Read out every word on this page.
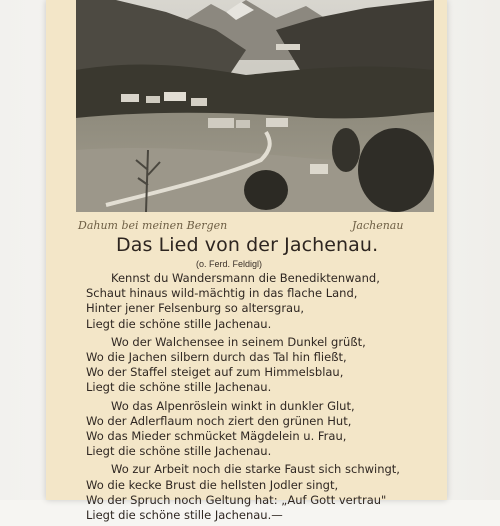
Dahum bei meinen Bergen	Jachenau
Das Lied von der Jachenau.
(o. Ferd. Feldigl)
Kennst du Wandersmann die Benediktenwand,
Schaut hinaus wild-mächtig in das flache Land,
Hinter jener Felsenburg so altersgrau,
Liegt die schöne stille Jachenau.
Wo der Walchensee in seinem Dunkel grüßt,
Wo die Jachen silbern durch das Tal hin fließt,
Wo der Staffel steiget auf zum Himmelsblau,
Liegt die schöne stille Jachenau.
Wo das Alpenröslein winkt in dunkler Glut,
Wo der Adlerflaum noch ziert den grünen Hut,
Wo das Mieder schmücket Mägdelein u. Frau,
Liegt die schöne stille Jachenau.
Wo zur Arbeit noch die starke Faust sich schwingt,
Wo die kecke Brust die hellsten Jodler singt,
Wo der Spruch noch Geltung hat: „Auf Gott vertrau"
Liegt die schöne stille Jachenau.—
